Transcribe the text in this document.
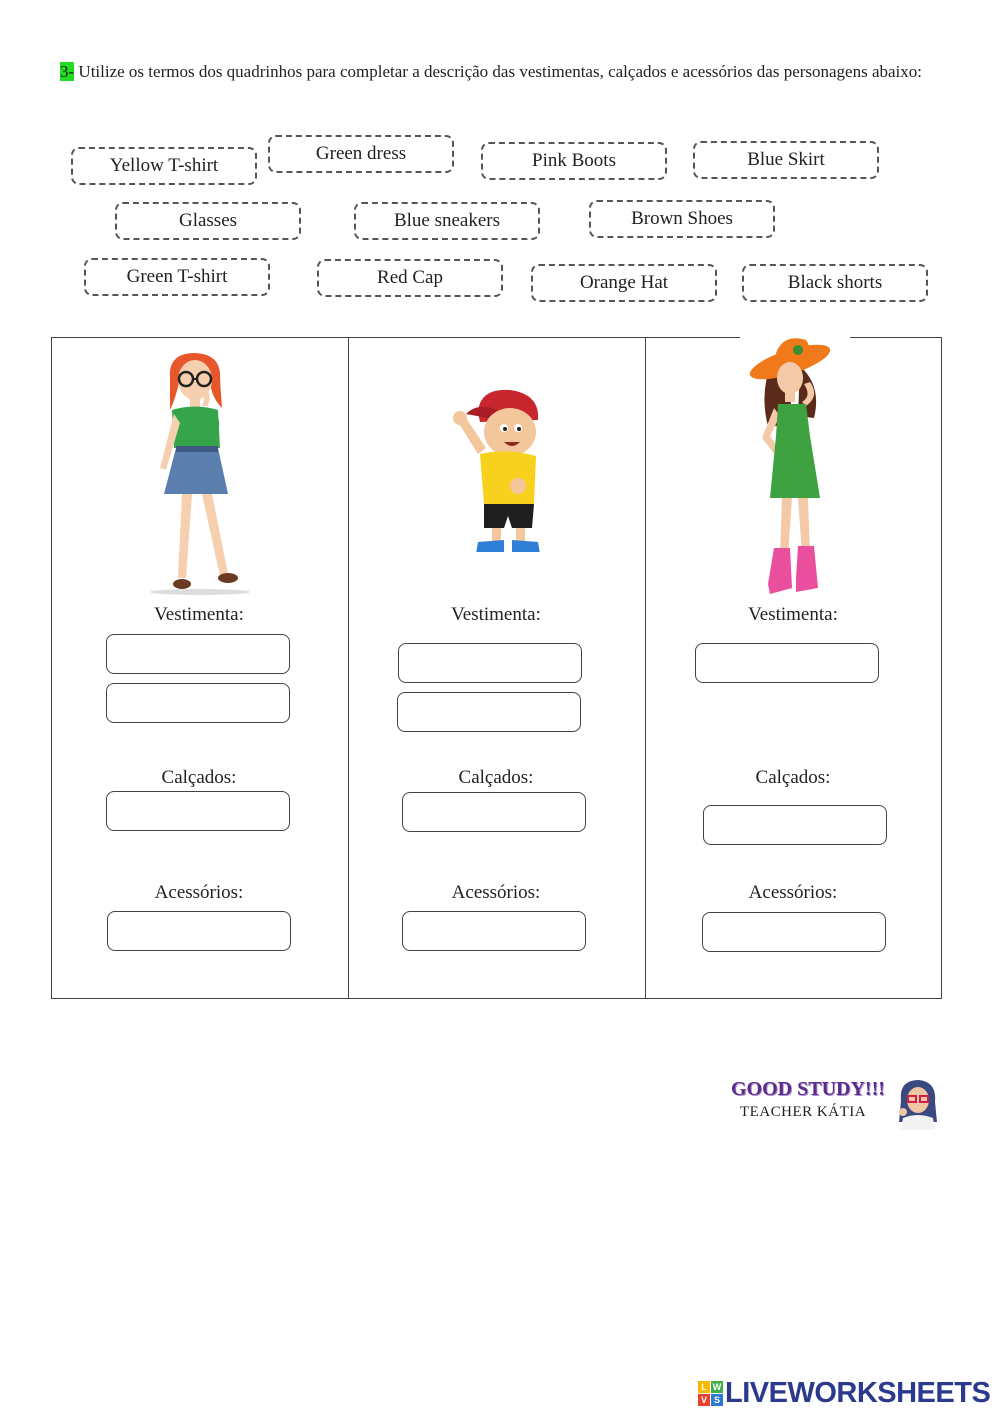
3- Utilize os termos dos quadrinhos para completar a descrição das vestimentas, calçados e acessórios das personagens abaixo:
Yellow T-shirt
Green dress	Pink Boots	Blue Skirt
Glasses	Blue sneakers	Brown Shoes
Green T-shirt	Red Cap	Orange Hat	Black shorts
Vestimenta:
Calçados:
Acessórios:
Vestimenta:
Calçados:
Acessórios:
Vestimenta:
Calçados:
Acessórios:
GOOD STUDY!!!
TEACHER KÁTIA
L W
V S LIVEWORKSHEETS
